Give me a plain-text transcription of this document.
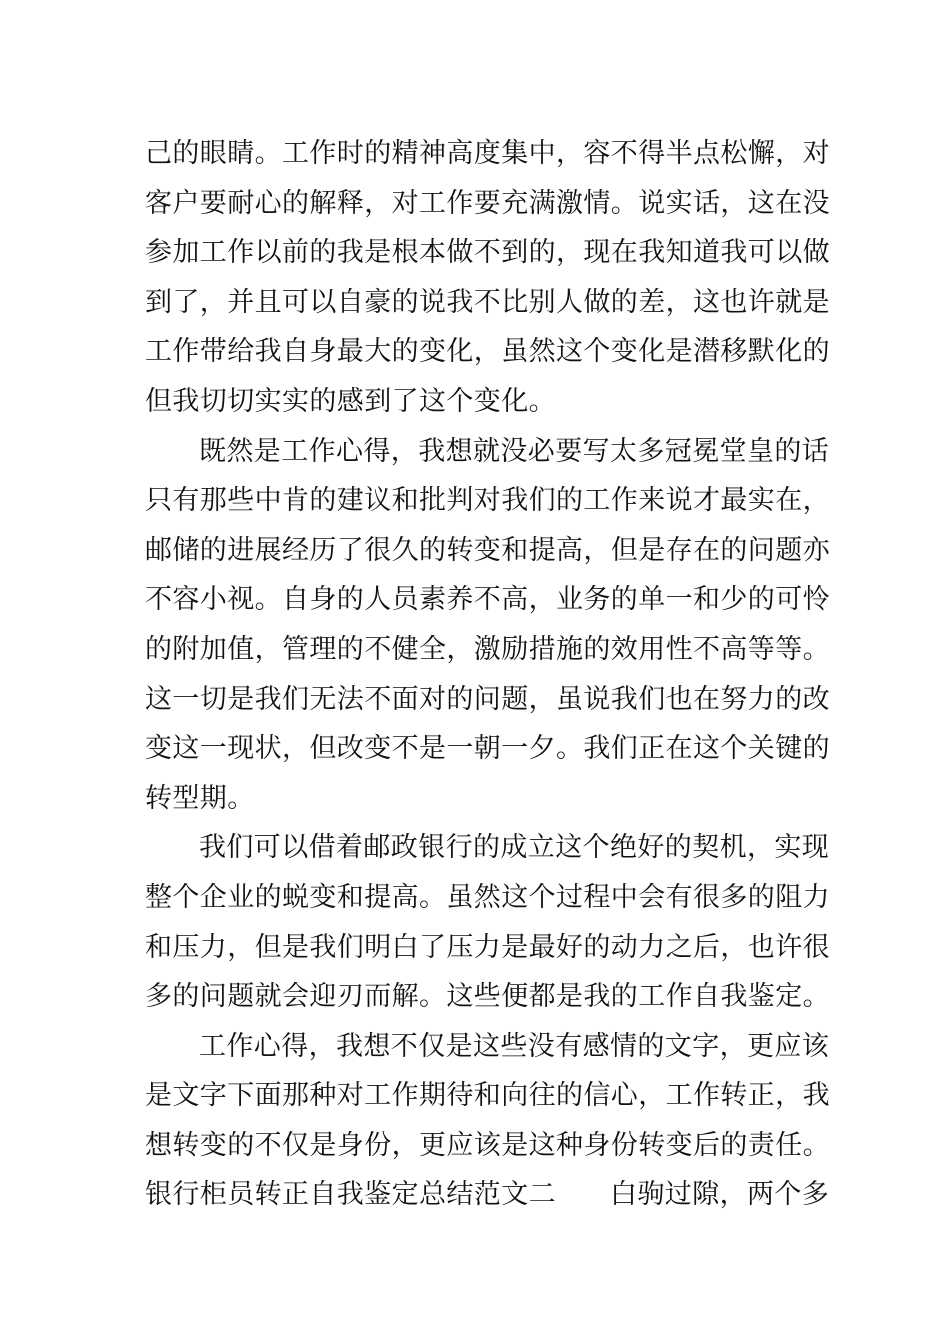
己的眼睛。工作时的精神高度集中，容不得半点松懈，对
客户要耐心的解释，对工作要充满激情。说实话，这在没
参加工作以前的我是根本做不到的，现在我知道我可以做
到了，并且可以自豪的说我不比别人做的差，这也许就是
工作带给我自身最大的变化，虽然这个变化是潜移默化的
但我切切实实的感到了这个变化。
既然是工作心得，我想就没必要写太多冠冕堂皇的话
只有那些中肯的建议和批判对我们的工作来说才最实在，
邮储的进展经历了很久的转变和提高，但是存在的问题亦
不容小视。自身的人员素养不高，业务的单一和少的可怜
的附加值，管理的不健全，激励措施的效用性不高等等。
这一切是我们无法不面对的问题，虽说我们也在努力的改
变这一现状，但改变不是一朝一夕。我们正在这个关键的
转型期。
我们可以借着邮政银行的成立这个绝好的契机，实现
整个企业的蜕变和提高。虽然这个过程中会有很多的阻力
和压力，但是我们明白了压力是最好的动力之后，也许很
多的问题就会迎刃而解。这些便都是我的工作自我鉴定。
工作心得，我想不仅是这些没有感情的文字，更应该
是文字下面那种对工作期待和向往的信心，工作转正，我
想转变的不仅是身份，更应该是这种身份转变后的责任。
银行柜员转正自我鉴定总结范文二 白驹过隙，两个多
